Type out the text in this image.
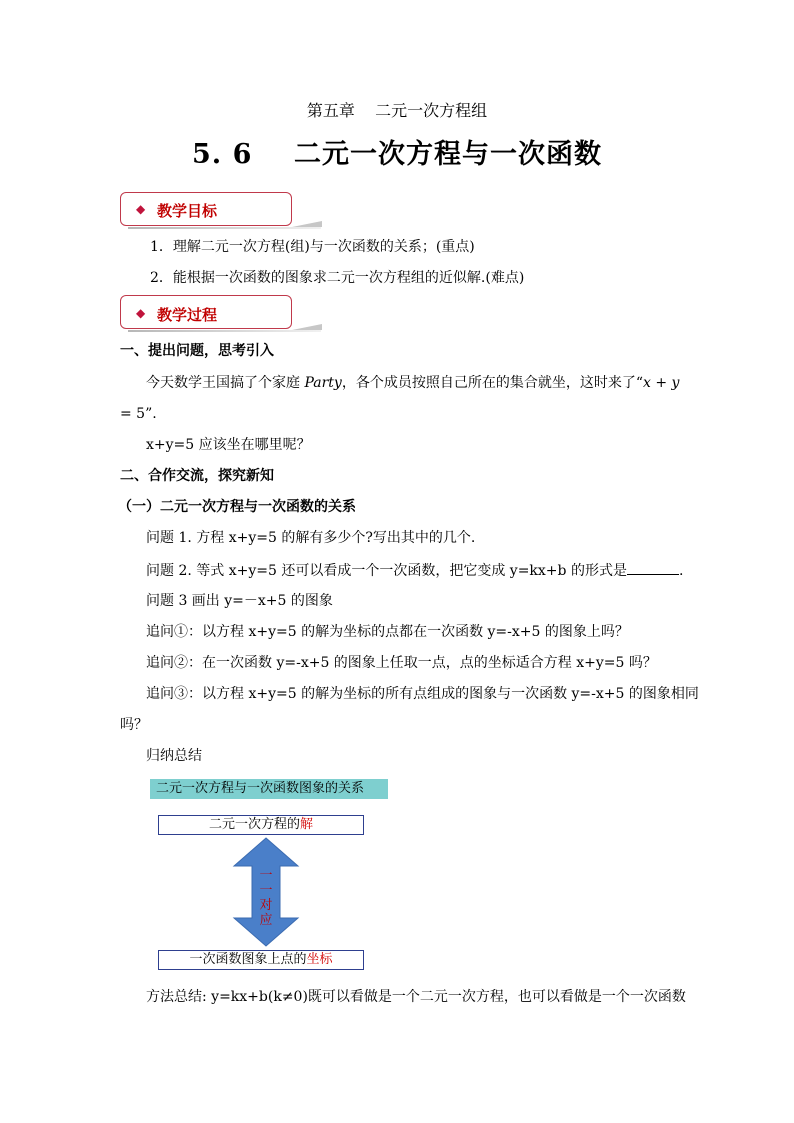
第五章    二元一次方程组
5. 6    二元一次方程与一次函数
◆ 教学目标
1．理解二元一次方程(组)与一次函数的关系；(重点)
2．能根据一次函数的图象求二元一次方程组的近似解.(难点)
◆ 教学过程
一、提出问题，思考引入
今天数学王国搞了个家庭 Party，各个成员按照自己所在的集合就坐，这时来了“x + y
= 5”.
x+y=5 应该坐在哪里呢？
二、合作交流，探究新知
（一）二元一次方程与一次函数的关系
问题 1. 方程 x+y=5 的解有多少个?写出其中的几个.
问题 2. 等式 x+y=5 还可以看成一个一次函数，把它变成 y=kx+b 的形式是	.
问题 3 画出 y=－x+5 的图象
追问①：以方程 x+y=5 的解为坐标的点都在一次函数 y=-x+5 的图象上吗？
追问②：在一次函数 y=-x+5 的图象上任取一点，点的坐标适合方程 x+y=5 吗？
追问③：以方程 x+y=5 的解为坐标的所有点组成的图象与一次函数 y=-x+5 的图象相同
吗？
归纳总结
二元一次方程与一次函数图象的关系
二元一次方程的解
一
一
对
应
一次函数图象上点的坐标
方法总结: y=kx+b(k≠0)既可以看做是一个二元一次方程，也可以看做是一个一次函数
